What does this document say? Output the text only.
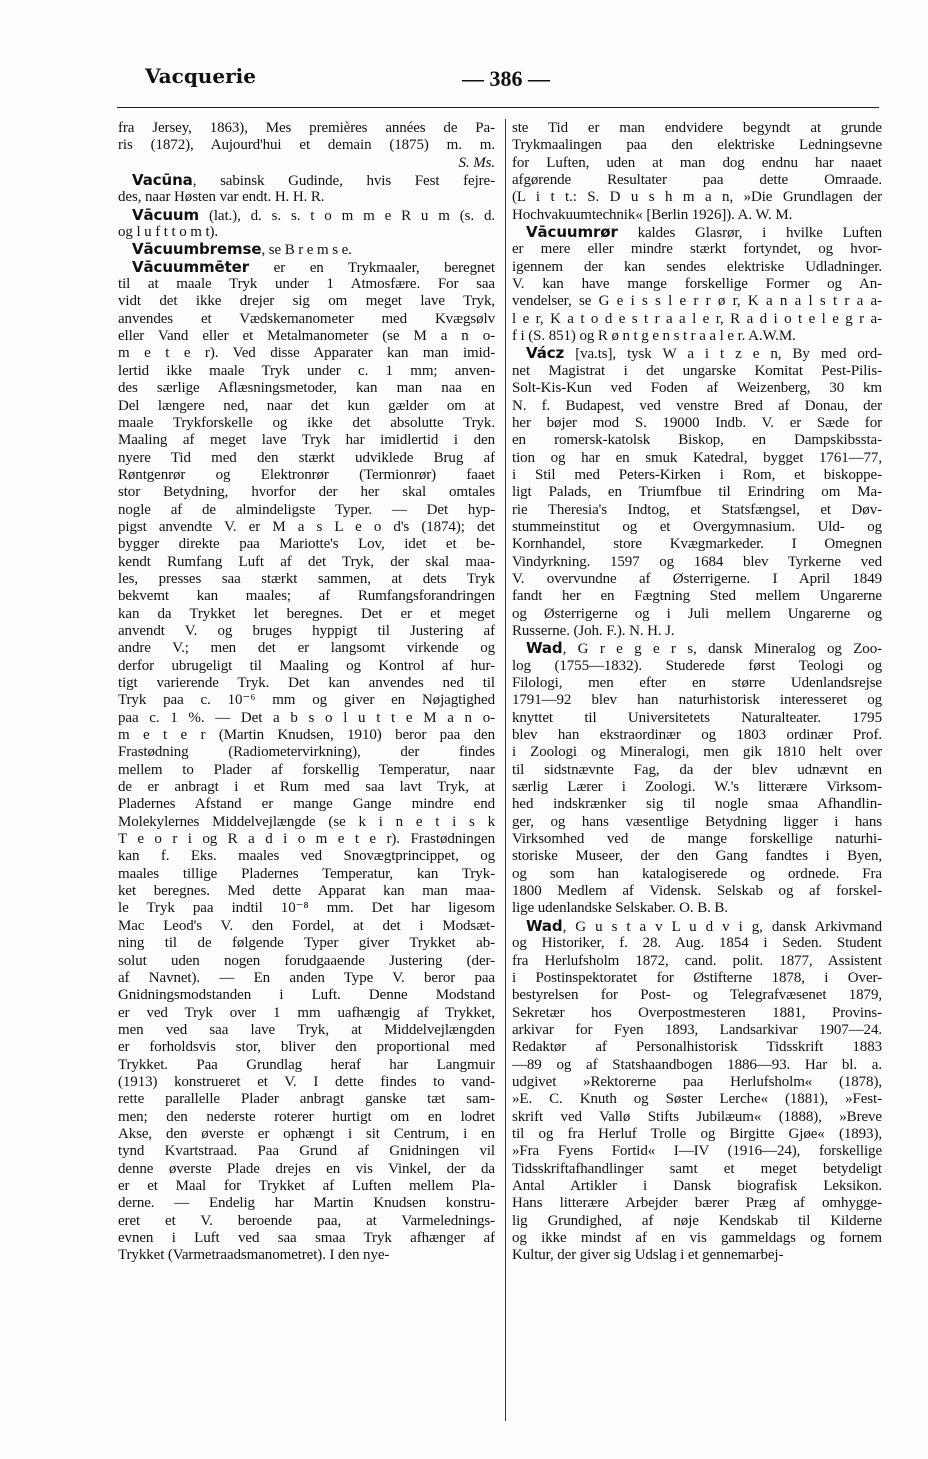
Vacquerie	— 386 —
fra Jersey, 1863), Mes premières années de Pa-
ris (1872), Aujourd'hui et demain (1875) m. m.
S. Ms.
Vacūna, sabinsk Gudinde, hvis Fest fejre-
des, naar Høsten var endt. H. H. R.
Vācuum (lat.), d. s. s. t o m m e R u m (s. d.
og l u f t t o m t).
Vācuumbremse, se B r e m s e.
Vācuummēter er en Trykmaaler, beregnet
til at maale Tryk under 1 Atmosfære. For saa
vidt det ikke drejer sig om meget lave Tryk,
anvendes et Vædskemanometer med Kvægsølv
eller Vand eller et Metalmanometer (se M a n o-
m e t e r). Ved disse Apparater kan man imid-
lertid ikke maale Tryk under c. 1 mm; anven-
des særlige Aflæsningsmetoder, kan man naa en
Del længere ned, naar det kun gælder om at
maale Trykforskelle og ikke det absolutte Tryk.
Maaling af meget lave Tryk har imidlertid i den
nyere Tid med den stærkt udviklede Brug af
Røntgenrør og Elektronrør (Termionrør) faaet
stor Betydning, hvorfor der her skal omtales
nogle af de almindeligste Typer. — Det hyp-
pigst anvendte V. er M a s L e o d's (1874); det
bygger direkte paa Mariotte's Lov, idet et be-
kendt Rumfang Luft af det Tryk, der skal maa-
les, presses saa stærkt sammen, at dets Tryk
bekvemt kan maales; af Rumfangsforandringen
kan da Trykket let beregnes. Det er et meget
anvendt V. og bruges hyppigt til Justering af
andre V.; men det er langsomt virkende og
derfor ubrugeligt til Maaling og Kontrol af hur-
tigt varierende Tryk. Det kan anvendes ned til
Tryk paa c. 10⁻⁶ mm og giver en Nøjagtighed
paa c. 1 %. — Det a b s o l u t t e M a n o-
m e t e r (Martin Knudsen, 1910) beror paa den
Frastødning (Radiometervirkning), der findes
mellem to Plader af forskellig Temperatur, naar
de er anbragt i et Rum med saa lavt Tryk, at
Pladernes Afstand er mange Gange mindre end
Molekylernes Middelvejlængde (se k i n e t i s k
T e o r i og R a d i o m e t e r). Frastødningen
kan f. Eks. maales ved Snovægtprincippet, og
maales tillige Pladernes Temperatur, kan Tryk-
ket beregnes. Med dette Apparat kan man maa-
le Tryk paa indtil 10⁻⁸ mm. Det har ligesom
Mac Leod's V. den Fordel, at det i Modsæt-
ning til de følgende Typer giver Trykket ab-
solut uden nogen forudgaaende Justering (der-
af Navnet). — En anden Type V. beror paa
Gnidningsmodstanden i Luft. Denne Modstand
er ved Tryk over 1 mm uafhængig af Trykket,
men ved saa lave Tryk, at Middelvejlængden
er forholdsvis stor, bliver den proportional med
Trykket. Paa Grundlag heraf har Langmuir
(1913) konstrueret et V. I dette findes to vand-
rette parallelle Plader anbragt ganske tæt sam-
men; den nederste roterer hurtigt om en lodret
Akse, den øverste er ophængt i sit Centrum, i en
tynd Kvartstraad. Paa Grund af Gnidningen vil
denne øverste Plade drejes en vis Vinkel, der da
er et Maal for Trykket af Luften mellem Pla-
derne. — Endelig har Martin Knudsen konstru-
eret et V. beroende paa, at Varmelednings-
evnen i Luft ved saa smaa Tryk afhænger af
Trykket (Varmetraadsmanometret). I den nye-
ste Tid er man endvidere begyndt at grunde
Trykmaalingen paa den elektriske Ledningsevne
for Luften, uden at man dog endnu har naaet
afgørende Resultater paa dette Omraade.
(L i t t.: S. D u s h m a n, »Die Grundlagen der
Hochvakuumtechnik« [Berlin 1926]). A. W. M.
Vācuumrør kaldes Glasrør, i hvilke Luften
er mere eller mindre stærkt fortyndet, og hvor-
igennem der kan sendes elektriske Udladninger.
V. kan have mange forskellige Former og An-
vendelser, se G e i s s l e r r ø r, K a n a l s t r a a-
l e r, K a t o d e s t r a a l e r, R a d i o t e l e g r a-
f i (S. 851) og R ø n t g e n s t r a a l e r. A.W.M.
Vácz [va.ts], tysk W a i t z e n, By med ord-
net Magistrat i det ungarske Komitat Pest-Pilis-
Solt-Kis-Kun ved Foden af Weizenberg, 30 km
N. f. Budapest, ved venstre Bred af Donau, der
her bøjer mod S. 19000 Indb. V. er Sæde for
en romersk-katolsk Biskop, en Dampskibssta-
tion og har en smuk Katedral, bygget 1761—77,
i Stil med Peters-Kirken i Rom, et biskoppe-
ligt Palads, en Triumfbue til Erindring om Ma-
rie Theresia's Indtog, et Statsfængsel, et Døv-
stummeinstitut og et Overgymnasium. Uld- og
Kornhandel, store Kvægmarkeder. I Omegnen
Vindyrkning. 1597 og 1684 blev Tyrkerne ved
V. overvundne af Østerrigerne. I April 1849
fandt her en Fægtning Sted mellem Ungarerne
og Østerrigerne og i Juli mellem Ungarerne og
Russerne. (Joh. F.). N. H. J.
Wad, G r e g e r s, dansk Mineralog og Zoo-
log (1755—1832). Studerede først Teologi og
Filologi, men efter en større Udenlandsrejse
1791—92 blev han naturhistorisk interesseret og
knyttet til Universitetets Naturalteater. 1795
blev han ekstraordinær og 1803 ordinær Prof.
i Zoologi og Mineralogi, men gik 1810 helt over
til sidstnævnte Fag, da der blev udnævnt en
særlig Lærer i Zoologi. W.'s litterære Virksom-
hed indskrænker sig til nogle smaa Afhandlin-
ger, og hans væsentlige Betydning ligger i hans
Virksomhed ved de mange forskellige naturhi-
storiske Museer, der den Gang fandtes i Byen,
og som han katalogiserede og ordnede. Fra
1800 Medlem af Vidensk. Selskab og af forskel-
lige udenlandske Selskaber. O. B. B.
Wad, G u s t a v L u d v i g, dansk Arkivmand
og Historiker, f. 28. Aug. 1854 i Seden. Student
fra Herlufsholm 1872, cand. polit. 1877, Assistent
i Postinspektoratet for Østifterne 1878, i Over-
bestyrelsen for Post- og Telegrafvæsenet 1879,
Sekretær hos Overpostmesteren 1881, Provins-
arkivar for Fyen 1893, Landsarkivar 1907—24.
Redaktør af Personalhistorisk Tidsskrift 1883
—89 og af Statshaandbogen 1886—93. Har bl. a.
udgivet »Rektorerne paa Herlufsholm« (1878),
»E. C. Knuth og Søster Lerche« (1881), »Fest-
skrift ved Vallø Stifts Jubilæum« (1888), »Breve
til og fra Herluf Trolle og Birgitte Gjøe« (1893),
»Fra Fyens Fortid« I—IV (1916—24), forskellige
Tidsskriftafhandlinger samt et meget betydeligt
Antal Artikler i Dansk biografisk Leksikon.
Hans litterære Arbejder bærer Præg af omhygge-
lig Grundighed, af nøje Kendskab til Kilderne
og ikke mindst af en vis gammeldags og fornem
Kultur, der giver sig Udslag i et gennemarbej-
